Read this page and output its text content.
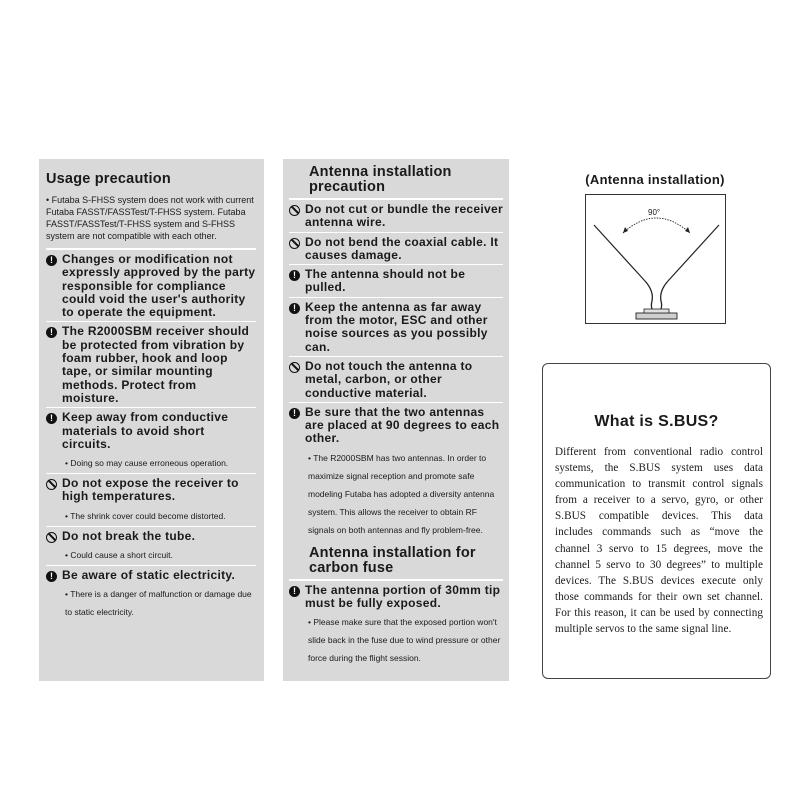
Usage precaution
• Futaba S-FHSS system does not work with current Futaba FASST/FASSTest/T-FHSS system. Futaba FASST/FASSTest/T-FHSS system and S-FHSS system are not compatible with each other.
! Changes or modification not expressly approved by the party responsible for compliance could void the user's authority to operate the equipment.
! The R2000SBM receiver should be protected from vibration by foam rubber, hook and loop tape, or similar mounting methods. Protect from moisture.
! Keep away from conductive materials to avoid short circuits.
• Doing so may cause erroneous operation.
Do not expose the receiver to high temperatures.
• The shrink cover could become distorted.
Do not break the tube.
• Could cause a short circuit.
! Be aware of static electricity.
• There is a danger of malfunction or damage due to static electricity.
Antenna installation precaution
Do not cut or bundle the receiver antenna wire.
Do not bend the coaxial cable. It causes damage.
! The antenna should not be pulled.
! Keep the antenna as far away from the motor, ESC and other noise sources as you possibly can.
Do not touch the antenna to metal, carbon, or other conductive material.
! Be sure that the two antennas are placed at 90 degrees to each other.
• The R2000SBM has two antennas. In order to maximize signal reception and promote safe modeling Futaba has adopted a diversity antenna system. This allows the receiver to obtain RF signals on both antennas and fly problem-free.
Antenna installation for carbon fuse
! The antenna portion of 30mm tip must be fully exposed.
• Please make sure that the exposed portion won't slide back in the fuse due to wind pressure or other force during the flight session.
(Antenna installation)
90°
What is S.BUS?
Different from conventional radio control systems, the S.BUS system uses data communication to transmit control signals from a receiver to a servo, gyro, or other S.BUS compatible devices. This data includes commands such as “move the channel 3 servo to 15 degrees, move the channel 5 servo to 30 degrees” to multiple devices. The S.BUS devices execute only those commands for their own set channel. For this reason, it can be used by connecting multiple servos to the same signal line.
